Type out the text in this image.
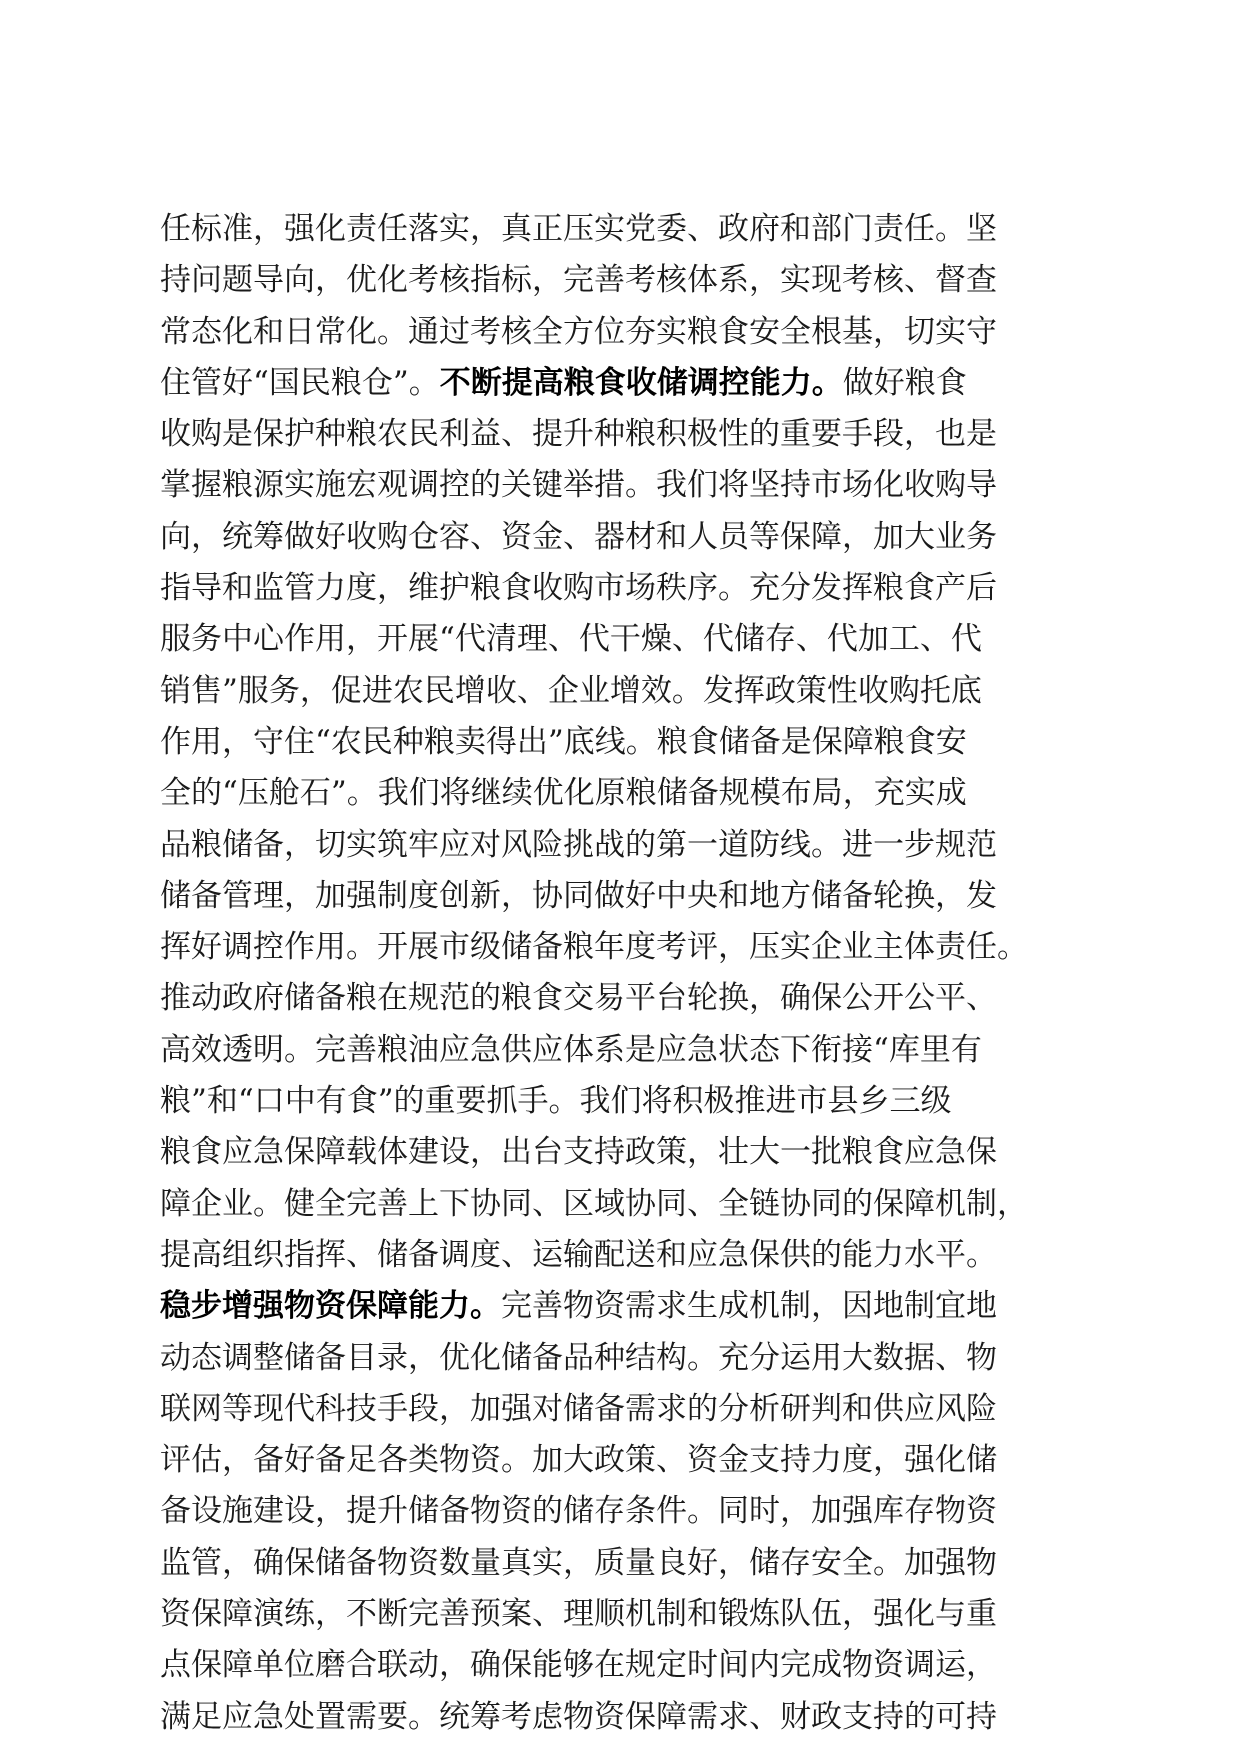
任标准，强化责任落实，真正压实党委、政府和部门责任。坚
持问题导向，优化考核指标，完善考核体系，实现考核、督查
常态化和日常化。通过考核全方位夯实粮食安全根基，切实守
住管好“国民粮仓”。不断提高粮食收储调控能力。做好粮食
收购是保护种粮农民利益、提升种粮积极性的重要手段，也是
掌握粮源实施宏观调控的关键举措。我们将坚持市场化收购导
向，统筹做好收购仓容、资金、器材和人员等保障，加大业务
指导和监管力度，维护粮食收购市场秩序。充分发挥粮食产后
服务中心作用，开展“代清理、代干燥、代储存、代加工、代
销售”服务，促进农民增收、企业增效。发挥政策性收购托底
作用，守住“农民种粮卖得出”底线。粮食储备是保障粮食安
全的“压舱石”。我们将继续优化原粮储备规模布局，充实成
品粮储备，切实筑牢应对风险挑战的第一道防线。进一步规范
储备管理，加强制度创新，协同做好中央和地方储备轮换，发
挥好调控作用。开展市级储备粮年度考评，压实企业主体责任。
推动政府储备粮在规范的粮食交易平台轮换，确保公开公平、
高效透明。完善粮油应急供应体系是应急状态下衔接“库里有
粮”和“口中有食”的重要抓手。我们将积极推进市县乡三级
粮食应急保障载体建设，出台支持政策，壮大一批粮食应急保
障企业。健全完善上下协同、区域协同、全链协同的保障机制，
提高组织指挥、储备调度、运输配送和应急保供的能力水平。
稳步增强物资保障能力。完善物资需求生成机制，因地制宜地
动态调整储备目录，优化储备品种结构。充分运用大数据、物
联网等现代科技手段，加强对储备需求的分析研判和供应风险
评估，备好备足各类物资。加大政策、资金支持力度，强化储
备设施建设，提升储备物资的储存条件。同时，加强库存物资
监管，确保储备物资数量真实，质量良好，储存安全。加强物
资保障演练，不断完善预案、理顺机制和锻炼队伍，强化与重
点保障单位磨合联动，确保能够在规定时间内完成物资调运，
满足应急处置需要。统筹考虑物资保障需求、财政支持的可持
